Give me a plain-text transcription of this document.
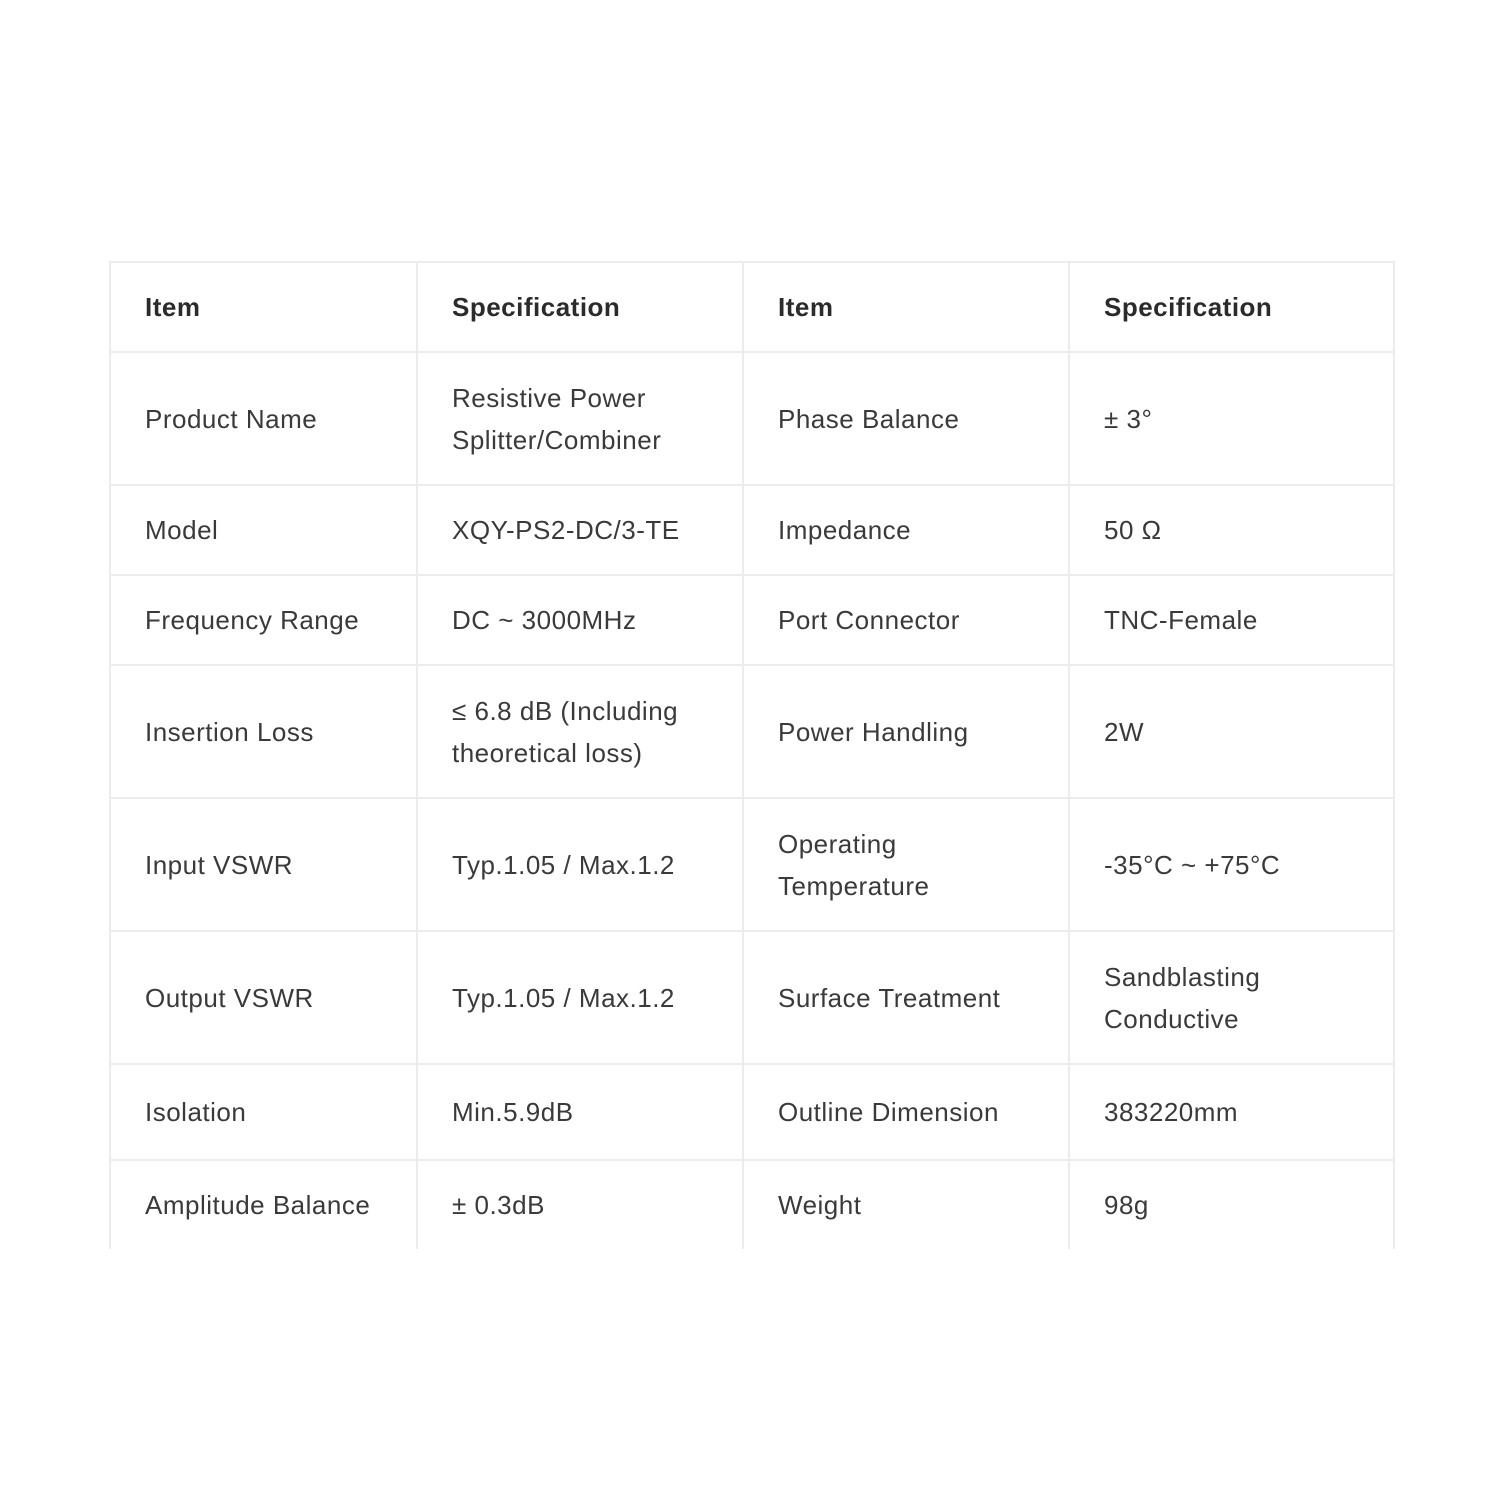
Item	Specification	Item	Specification
Product Name	Resistive Power Splitter/Combiner	Phase Balance	± 3°
Model	XQY-PS2-DC/3-TE	Impedance	50 Ω
Frequency Range	DC ~ 3000MHz	Port Connector	TNC-Female
Insertion Loss	≤ 6.8 dB (Including theoretical loss)	Power Handling	2W
Input VSWR	Typ.1.05 / Max.1.2	Operating Temperature	-35°C ~ +75°C
Output VSWR	Typ.1.05 / Max.1.2	Surface Treatment	Sandblasting Conductive
Isolation	Min.5.9dB	Outline Dimension	383220mm
Amplitude Balance	± 0.3dB	Weight	98g
